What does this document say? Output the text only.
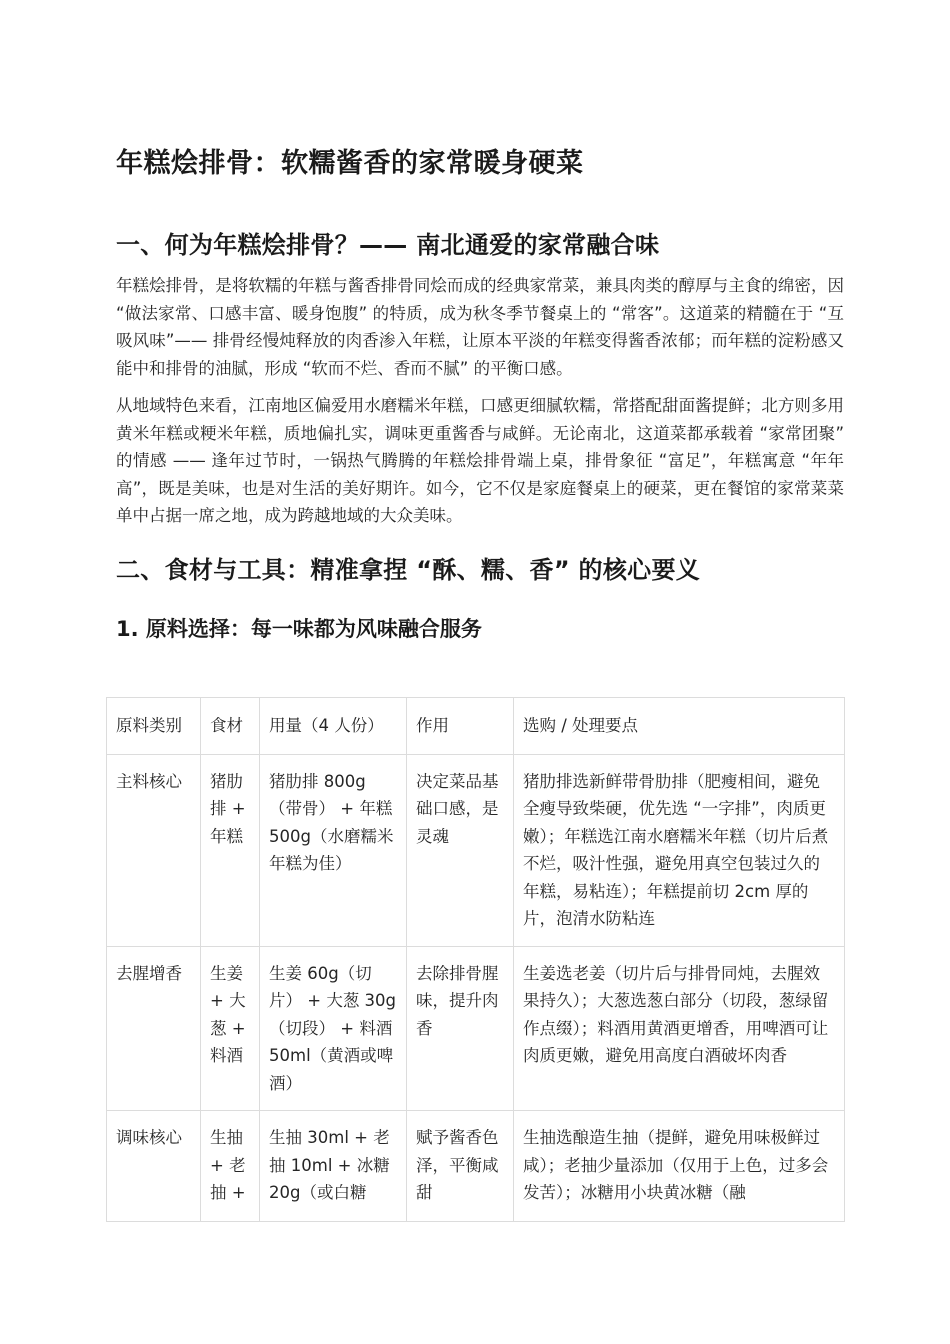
年糕烩排骨：软糯酱香的家常暖身硬菜
一、何为年糕烩排骨？—— 南北通爱的家常融合味

年糕烩排骨，是将软糯的年糕与酱香排骨同烩而成的经典家常菜，兼具肉类的醇厚与主食的绵密，因 “做法家常、口感丰富、暖身饱腹” 的特质，成为秋冬季节餐桌上的 “常客”。这道菜的精髓在于 “互吸风味”—— 排骨经慢炖释放的肉香渗入年糕，让原本平淡的年糕变得酱香浓郁；而年糕的淀粉感又能中和排骨的油腻，形成 “软而不烂、香而不腻” 的平衡口感。

从地域特色来看，江南地区偏爱用水磨糯米年糕，口感更细腻软糯，常搭配甜面酱提鲜；北方则多用黄米年糕或粳米年糕，质地偏扎实，调味更重酱香与咸鲜。无论南北，这道菜都承载着 “家常团聚” 的情感 —— 逢年过节时，一锅热气腾腾的年糕烩排骨端上桌，排骨象征 “富足”，年糕寓意 “年年高”，既是美味，也是对生活的美好期许。如今，它不仅是家庭餐桌上的硬菜，更在餐馆的家常菜菜单中占据一席之地，成为跨越地域的大众美味。

二、食材与工具：精准拿捏 “酥、糯、香” 的核心要义
1. 原料选择：每一味都为风味融合服务
原料类别	食材	用量（4 人份）	作用	选购 / 处理要点
主料核心	猪肋排 + 年糕	猪肋排 800g （带骨） + 年糕 500g（水磨糯米年糕为佳）	决定菜品基础口感，是灵魂	猪肋排选新鲜带骨肋排（肥瘦相间，避免全瘦导致柴硬，优先选 “一字排”，肉质更嫩）；年糕选江南水磨糯米年糕（切片后煮不烂，吸汁性强，避免用真空包装过久的年糕，易粘连）；年糕提前切 2cm 厚的片，泡清水防粘连
去腥增香	生姜 + 大葱 + 料酒	生姜 60g（切片） + 大葱 30g（切段） + 料酒 50ml（黄酒或啤酒）	去除排骨腥味，提升肉香	生姜选老姜（切片后与排骨同炖，去腥效果持久）；大葱选葱白部分（切段，葱绿留作点缀）；料酒用黄酒更增香，用啤酒可让肉质更嫩，避免用高度白酒破坏肉香

调味核心	生抽 + 老抽 +	生抽 30ml + 老抽 10ml + 冰糖 20g（或白糖	赋予酱香色泽，平衡咸甜	生抽选酿造生抽（提鲜，避免用味极鲜过咸）；老抽少量添加（仅用于上色，过多会发苦）；冰糖用小块黄冰糖（融
